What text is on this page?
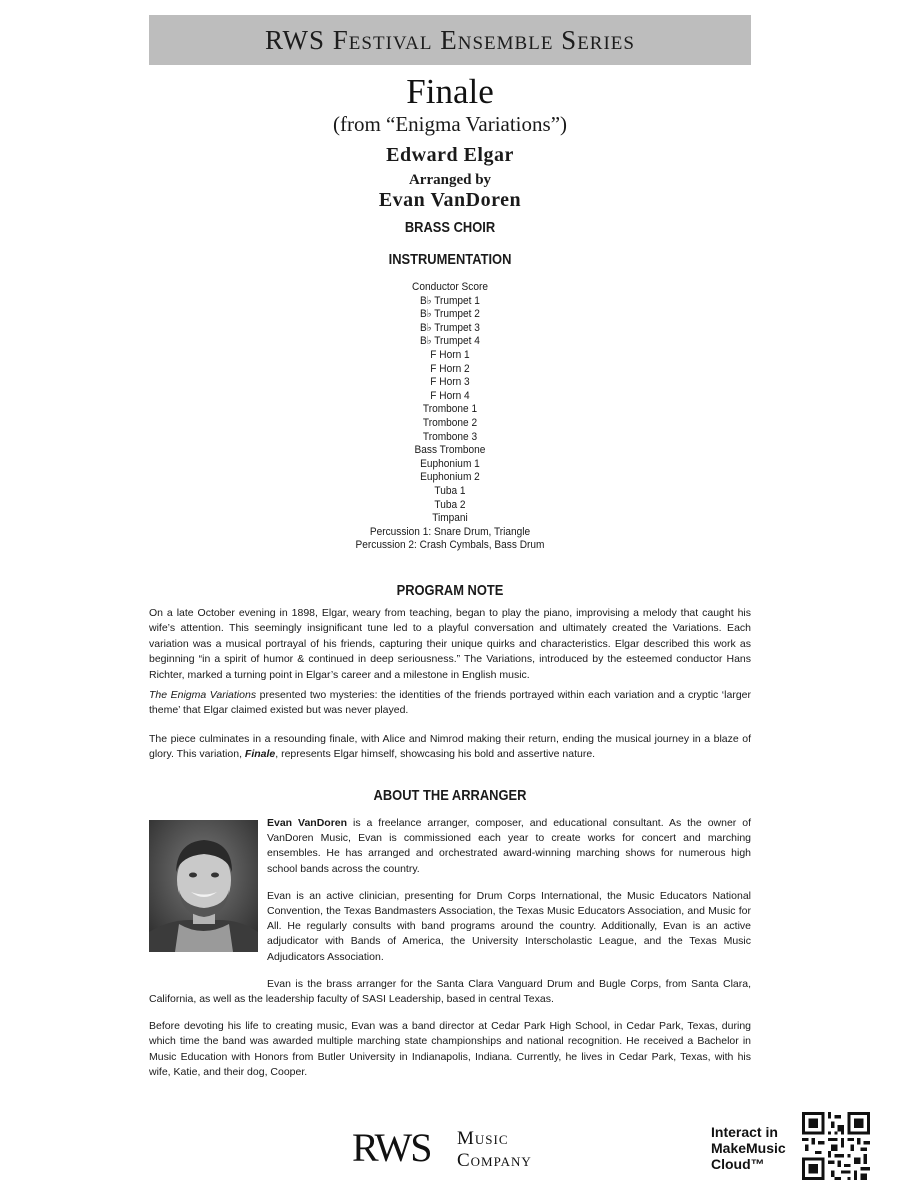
RWS Festival Ensemble Series
Finale
(from “Enigma Variations”)
Edward Elgar
Arranged by
Evan VanDoren
BRASS CHOIR
INSTRUMENTATION
Conductor Score
B♭ Trumpet 1
B♭ Trumpet 2
B♭ Trumpet 3
B♭ Trumpet 4
F Horn 1
F Horn 2
F Horn 3
F Horn 4
Trombone 1
Trombone 2
Trombone 3
Bass Trombone
Euphonium 1
Euphonium 2
Tuba 1
Tuba 2
Timpani
Percussion 1: Snare Drum, Triangle
Percussion 2: Crash Cymbals, Bass Drum
PROGRAM NOTE

On a late October evening in 1898, Elgar, weary from teaching, began to play the piano, improvising a melody that caught his wife’s attention. This seemingly insignificant tune led to a playful conversation and ultimately created the Variations. Each variation was a musical portrayal of his friends, capturing their unique quirks and characteristics. Elgar described this work as beginning “in a spirit of humor & continued in deep seriousness.” The Variations, introduced by the esteemed conductor Hans Richter, marked a turning point in Elgar’s career and a milestone in English music.

The Enigma Variations presented two mysteries: the identities of the friends portrayed within each variation and a cryptic ‘larger theme’ that Elgar claimed existed but was never played.

The piece culminates in a resounding finale, with Alice and Nimrod making their return, ending the musical journey in a blaze of glory. This variation, Finale, represents Elgar himself, showcasing his bold and assertive nature.

ABOUT THE ARRANGER

Evan VanDoren is a freelance arranger, composer, and educational consultant. As the owner of VanDoren Music, Evan is commissioned each year to create works for concert and marching ensembles. He has arranged and orchestrated award-winning marching shows for numerous high school bands across the country.

Evan is an active clinician, presenting for Drum Corps International, the Music Educators National Convention, the Texas Bandmasters Association, the Texas Music Educators Association, and Music for All. He regularly consults with band programs around the country. Additionally, Evan is an active adjudicator with Bands of America, the University Interscholastic League, and the Texas Music Adjudicators Association.

Evan is the brass arranger for the Santa Clara Vanguard Drum and Bugle Corps, from Santa Clara, California, as well as the leadership faculty of SASI Leadership, based in central Texas.

Before devoting his life to creating music, Evan was a band director at Cedar Park High School, in Cedar Park, Texas, during which time the band was awarded multiple marching state championships and national recognition. He received a Bachelor in Music Education with Honors from Butler University in Indianapolis, Indiana. Currently, he lives in Cedar Park, Texas, with his wife, Katie, and their dog, Cooper.

RWS Music
Company
Interact in
MakeMusic
Cloud™
